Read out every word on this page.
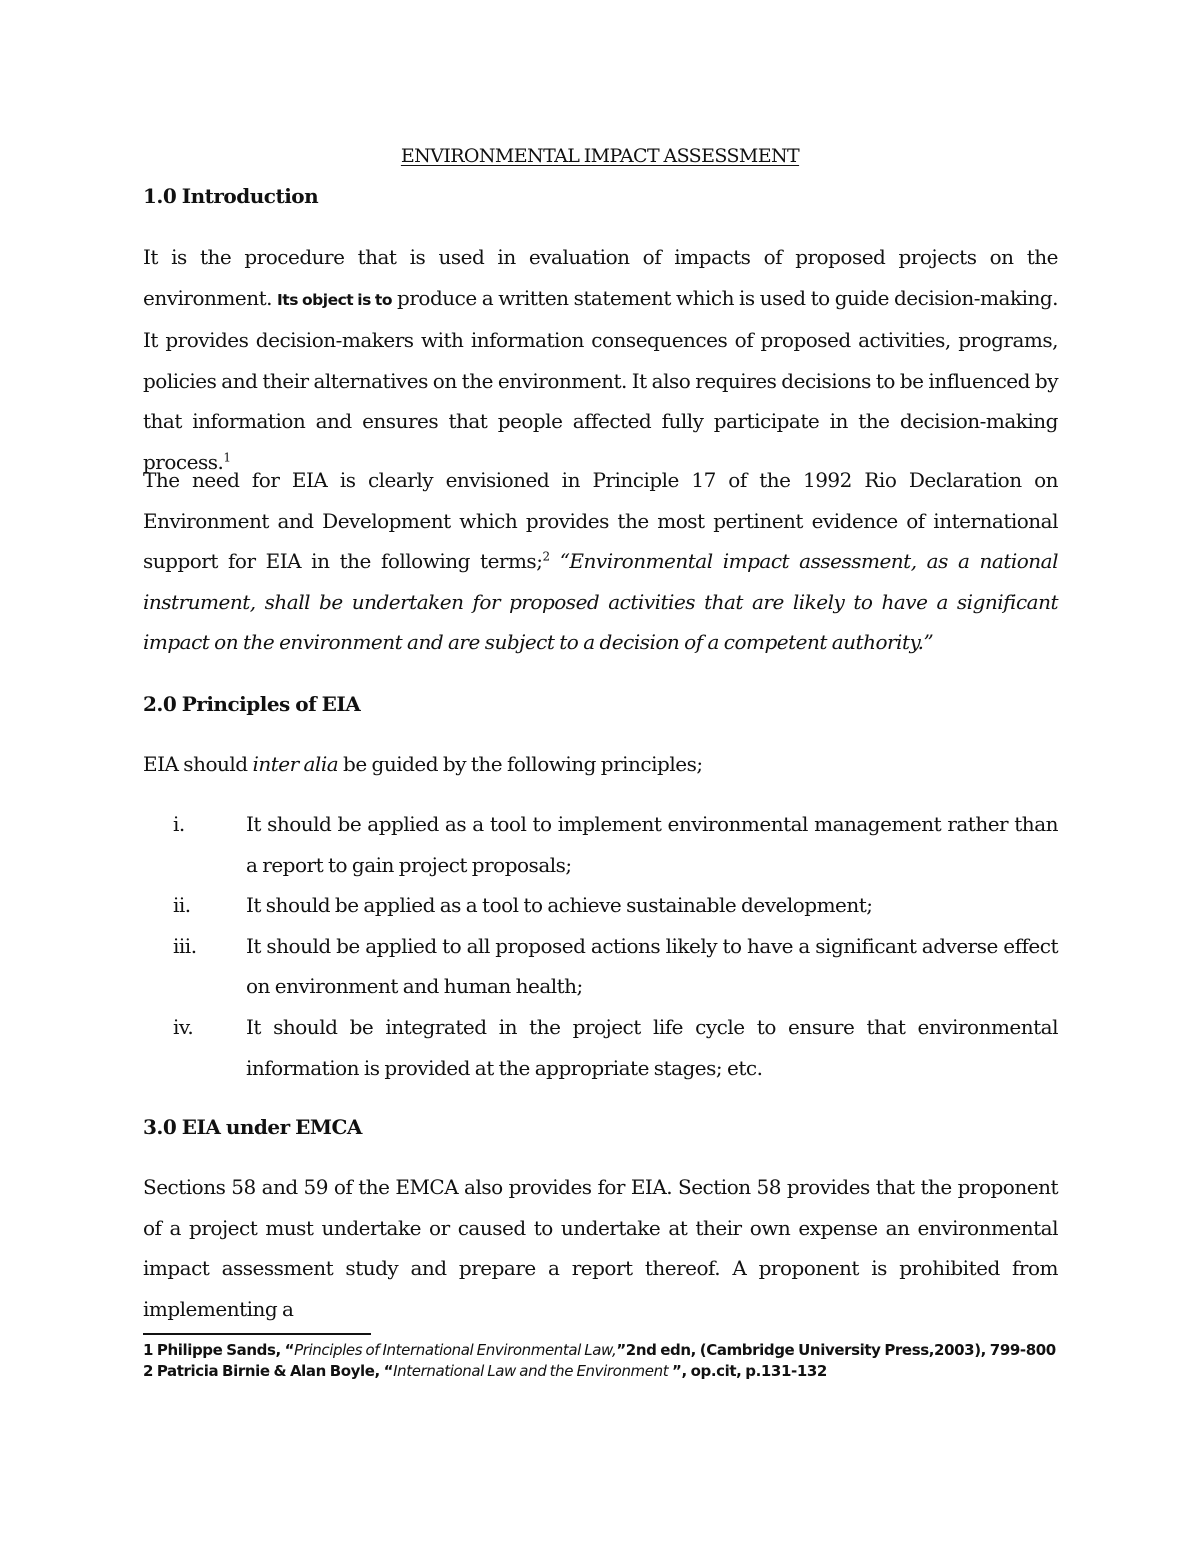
ENVIRONMENTAL IMPACT ASSESSMENT
1.0 Introduction

It is the procedure that is used in evaluation of impacts of proposed projects on the environment. Its object is to produce a written statement which is used to guide decision-making. It provides decision-makers with information consequences of proposed activities, programs, policies and their alternatives on the environment. It also requires decisions to be influenced by that information and ensures that people affected fully participate in the decision-making process.$^1$

The need for EIA is clearly envisioned in Principle 17 of the 1992 Rio Declaration on Environment and Development which provides the most pertinent evidence of international support for EIA in the following terms;$^2$ “Environmental impact assessment, as a national instrument, shall be undertaken for proposed activities that are likely to have a significant impact on the environment and are subject to a decision of a competent authority.”

2.0 Principles of EIA

EIA should inter alia be guided by the following principles;

i.	It should be applied as a tool to implement environmental management rather than a report to gain project proposals;
ii.	It should be applied as a tool to achieve sustainable development;
iii. It should be applied to all proposed actions likely to have a significant adverse effect on environment and human health;
iv.	It should be integrated in the project life cycle to ensure that environmental information is provided at the appropriate stages; etc.
3.0 EIA under EMCA

Sections 58 and 59 of the EMCA also provides for EIA. Section 58 provides that the proponent of a project must undertake or caused to undertake at their own expense an environmental impact assessment study and prepare a report thereof. A proponent is prohibited from implementing a

1 Philippe Sands, “Principles of International Environmental Law,”2nd edn, (Cambridge University Press,2003), 799-800

2 Patricia Birnie & Alan Boyle, “International Law and the Environment ”, op.cit, p.131-132
